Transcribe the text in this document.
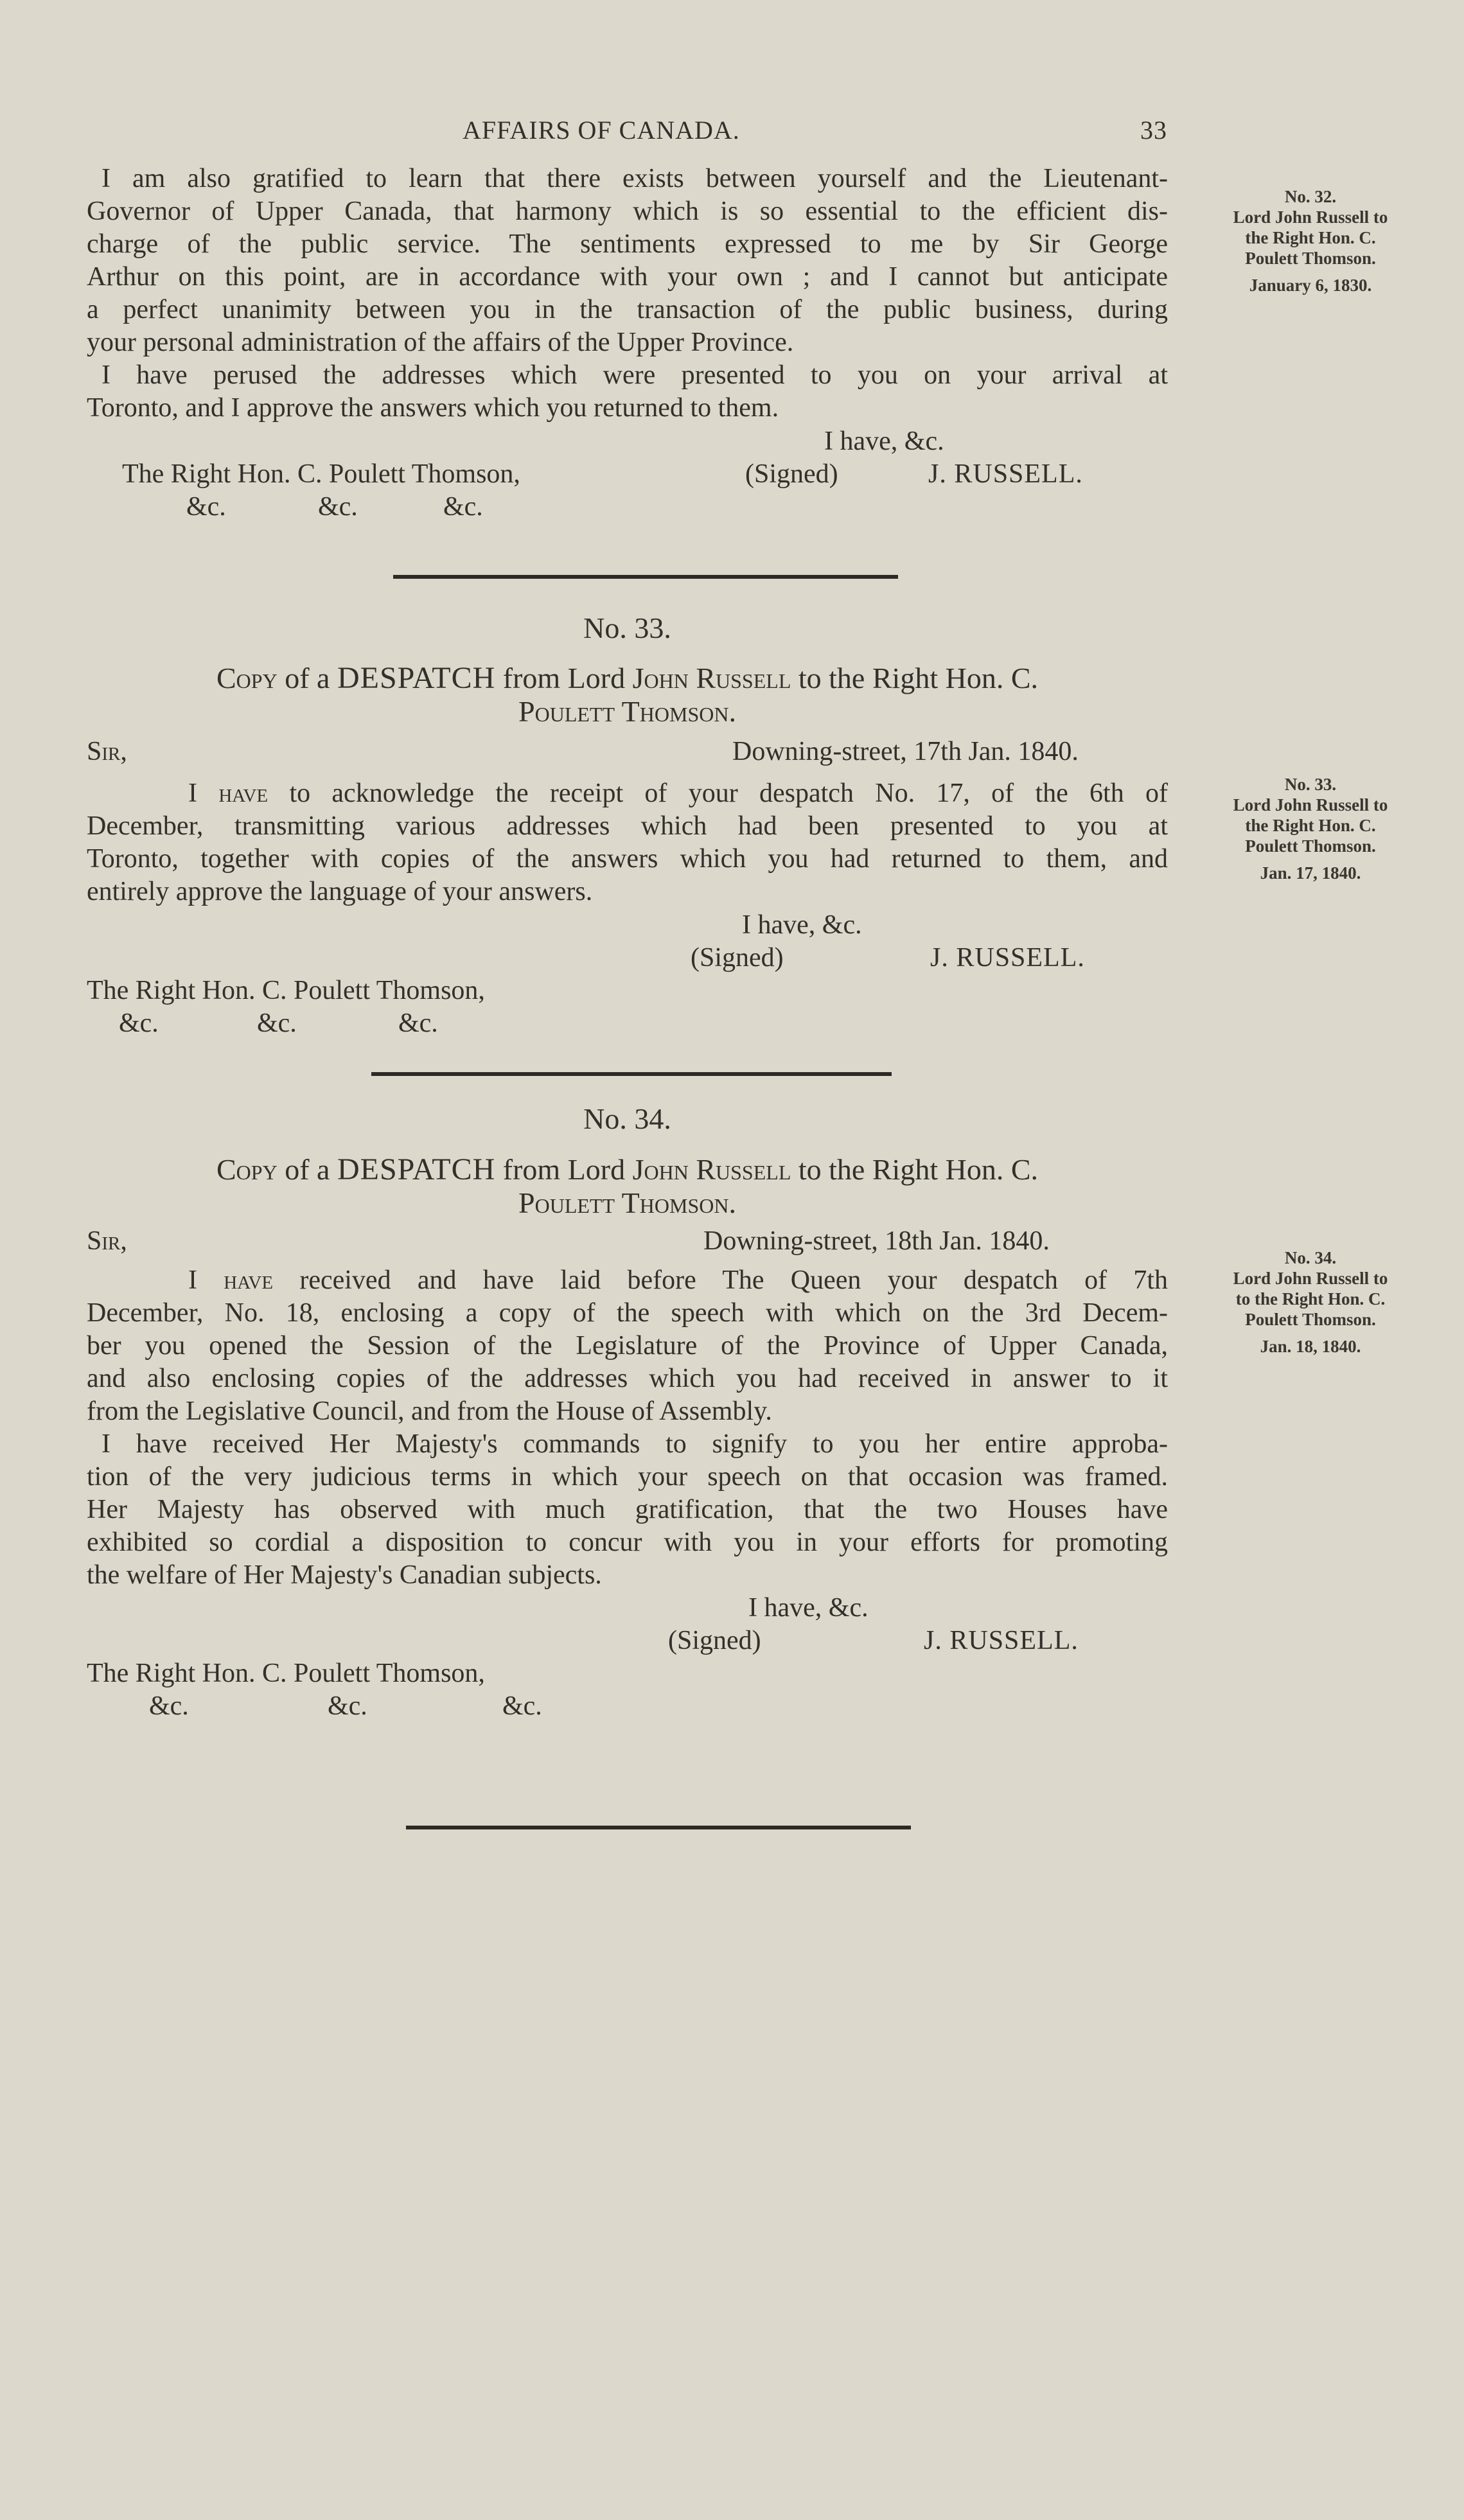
AFFAIRS OF CANADA.	33
I am also gratified to learn that there exists between yourself and the Lieutenant-
Governor of Upper Canada, that harmony which is so essential to the efficient dis-
charge of the public service. The sentiments expressed to me by Sir George
Arthur on this point, are in accordance with your own ; and I cannot but anticipate
a perfect unanimity between you in the transaction of the public business, during
your personal administration of the affairs of the Upper Province.
I have perused the addresses which were presented to you on your arrival at
Toronto, and I approve the answers which you returned to them.
I have, &c.
The Right Hon. C. Poulett Thomson,	(Signed)	J. RUSSELL.
&c.	&c.	&c.
No. 32.
Lord John Russell to
the Right Hon. C.
Poulett Thomson.
January 6, 1830.
No. 33.
Copy of a DESPATCH from Lord John Russell to the Right Hon. C.
Poulett Thomson.
Sir,	Downing-street, 17th Jan. 1840.
I have to acknowledge the receipt of your despatch No. 17, of the 6th of
December, transmitting various addresses which had been presented to you at
Toronto, together with copies of the answers which you had returned to them, and
entirely approve the language of your answers.
I have, &c.
(Signed)	J. RUSSELL.
The Right Hon. C. Poulett Thomson,
&c.	&c.	&c.
No. 33.
Lord John Russell to
the Right Hon. C.
Poulett Thomson.
Jan. 17, 1840.
No. 34.
Copy of a DESPATCH from Lord John Russell to the Right Hon. C.
Poulett Thomson.
Sir,	Downing-street, 18th Jan. 1840.
I have received and have laid before The Queen your despatch of 7th
December, No. 18, enclosing a copy of the speech with which on the 3rd Decem-
ber you opened the Session of the Legislature of the Province of Upper Canada,
and also enclosing copies of the addresses which you had received in answer to it
from the Legislative Council, and from the House of Assembly.
I have received Her Majesty's commands to signify to you her entire approba-
tion of the very judicious terms in which your speech on that occasion was framed.
Her Majesty has observed with much gratification, that the two Houses have
exhibited so cordial a disposition to concur with you in your efforts for promoting
the welfare of Her Majesty's Canadian subjects.
I have, &c.
(Signed)	J. RUSSELL.
The Right Hon. C. Poulett Thomson,
&c.	&c.	&c.
No. 34.
Lord John Russell to
to the Right Hon. C.
Poulett Thomson.
Jan. 18, 1840.
